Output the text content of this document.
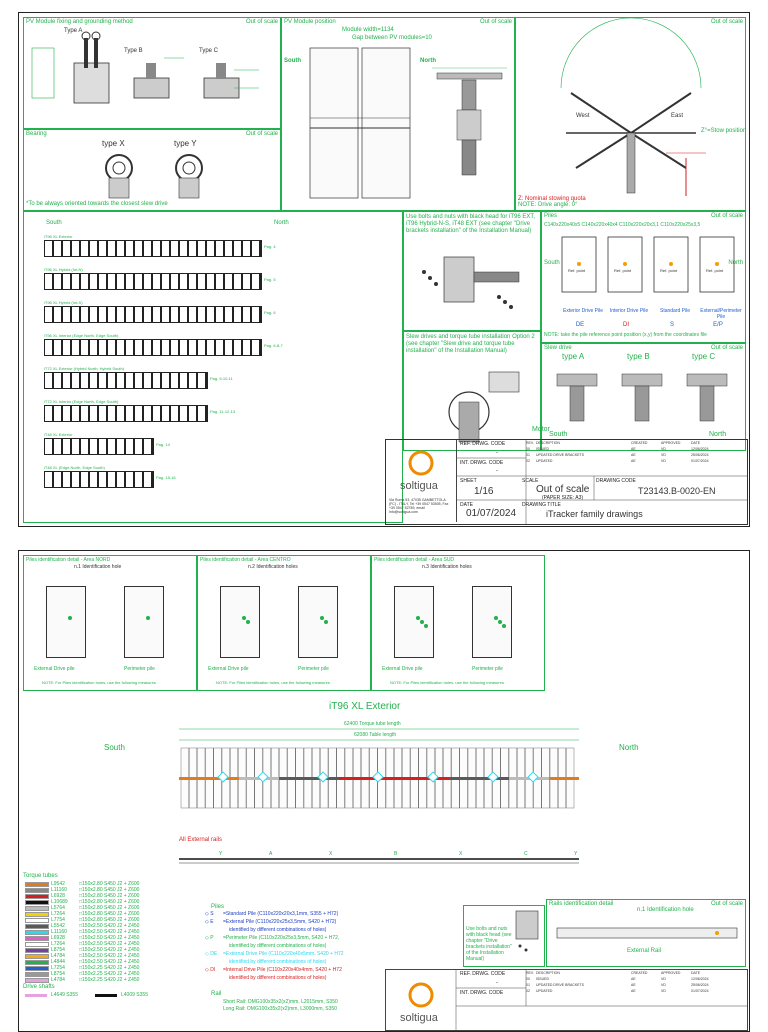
PV Module fixing and grounding method	Out of scale
Type A
Type B	Type C
PV Module position	Out of scale
Module width=1134
Gap between PV modules=10
South	North
Out of scale
West	East
Z°=Stow position
Z: Nominal stowing quota
NOTE: Drive angle: 0°
Bearing	Out of scale
type X	type Y
*To be always oriented towards the closest slew drive
South	North
iT96 XL Exterior
Pag. 4
iT96 XL Hybrid (Int-N)
Pag. 5
iT96 XL Hybrid (Int-S)
Pag. 6
iT96 XL Interior (Edge North, Edge South)
Pag. 6-8-7
iT72 XL Exterior (Hybrid North, Hybrid South)
Pag. 9-10-11
iT72 XL Interior (Edge North, Edge South)
Pag. 11-12-13
iT48 XL Exterior
Pag. 14
iT48 XL (Edge North, Edge South)
Pag. 15-16
Use bolts and nuts with black head for iT96 EXT, iT96 Hybrid-N-S, iT48 EXT (see chapter "Drive brackets installation" of the Installation Manual)
Piles	Out of scale
C140x220x40x5 C140x220x40x4 C110x220x20x3,1 C110x220x25x3,5
South	North
Ref. point
Exterior Drive Pile
DE
Ref. point
Interior Drive Pile
DI
Ref. point
Standard Pile
S
Ref. point
External/Perimeter Pile
E/P
NOTE: take the pile reference point position (x,y) from the coordinates file
Slew drives and torque tube installation Option 2 (see chapter "Slew drive and torque tube installation" of the Installation Manual)	Slew drive	Out of scale
type A	type B	type C
Motor
South	North
soltigua
Via Roma 53, 47035 GAMBETTOLA (FC) - ITALY, Tel +39 0547 53505, Fax +39 0547 52789, email info@soltigua.com
REF. DRWG. CODE
-
INT. DRWG. CODE
-
SHEET
1/16
SCALE
Out of scale
(PAPER SIZE: A3)
DRAWING CODE
T23143.B-0020-EN
DATE
01/07/2024
DRAWING TITLE
iTracker family drawings
REV. DESCRIPTION	CREATED	APPROVED	DATE
00	ISSUED	AE	VD	12/06/2024
01	UPDATED DRIVE BRACKETS	AE	VD	25/06/2024
02	UPDATED	AE	VD	01/07/2024
Piles identification detail - Area NORD
n.1 Identification hole
External Drive pile	Perimeter pile
NOTE: For Piles identification holes, use the following measures
Piles identification detail - Area CENTRO
n.2 Identification holes
External Drive pile	Perimeter pile
NOTE: For Piles identification holes, use the following measures
Piles identification detail - Area SUD
n.3 Identification holes
External Drive pile	Perimeter pile
NOTE: For Piles identification holes, use the following measures
iT96 XL Exterior
South	North
62400 Torque tube length
62080 Table length
All External rails
Y	A	X	B	X	C	Y
Torque tubes
L9542	□150x2.80 S450 J2 + Z600
L11160 □150x2.80 S450 J2 + Z600
L6928	□150x2.80 S450 J2 + Z600
L10689 □150x2.80 S450 J2 + Z600
L5764	□150x2.80 S450 J2 + Z600
L7264	□150x2.80 S450 J2 + Z600
L7754	□150x2.80 S450 J2 + Z600
L5542	□150x2.50 S420 J2 + Z450
L11160 □150x2.50 S420 J2 + Z450
L6928	□150x2.50 S420 J2 + Z450
L7264	□150x2.50 S420 J2 + Z450
L8754	□150x2.50 S420 J2 + Z450
L4784	□150x2.50 S420 J2 + Z450
L4844	□150x2.50 S420 J2 + Z450
L7254	□150x2.25 S420 J2 + Z450
L8754	□150x2.25 S420 J2 + Z450
L4784	□150x2.25 S420 J2 + Z450
Drive shafts
L4649 S355	L4009 S355
Piles
◇ S =Standard Pile (C110x220x20x3,1mm, S355 + H72)
◇ E =External Pile (C110x220x25x3,5mm, S420 + H72)
identified by different combinations of holes)
◇ P =Perimeter Pile (C110x220x25x3,5mm, S420 + H72,
identified by different combinations of holes)
◇ DE =External Drive Pile (C110x220x40x5mm, S420 + H72
identified by different combinations of holes)
◇ DI =Internal Drive Pile (C110x220x40x4mm, S420 + H72
identified by different combinations of holes)
Rail
Short Rail: OMG100x35x2(x2)mm, L2015mm, S350
Long Rail: OMG100x35x2(x2)mm, L3000mm, S350
Use bolts and nuts with black head (see chapter "Drive brackets installation" of the Installation Manual)
Rails identification detail	Out of scale
n.1 Identification hole
External Rail
REF. DRWG. CODE
-
INT. DRWG. CODE
soltigua
REV. DESCRIPTION	CREATED	APPROVED	DATE
00	ISSUED	AE	VD	12/06/2024
01	UPDATED DRIVE BRACKETS	AE	VD	25/06/2024
02	UPDATED	AE	VD	01/07/2024
